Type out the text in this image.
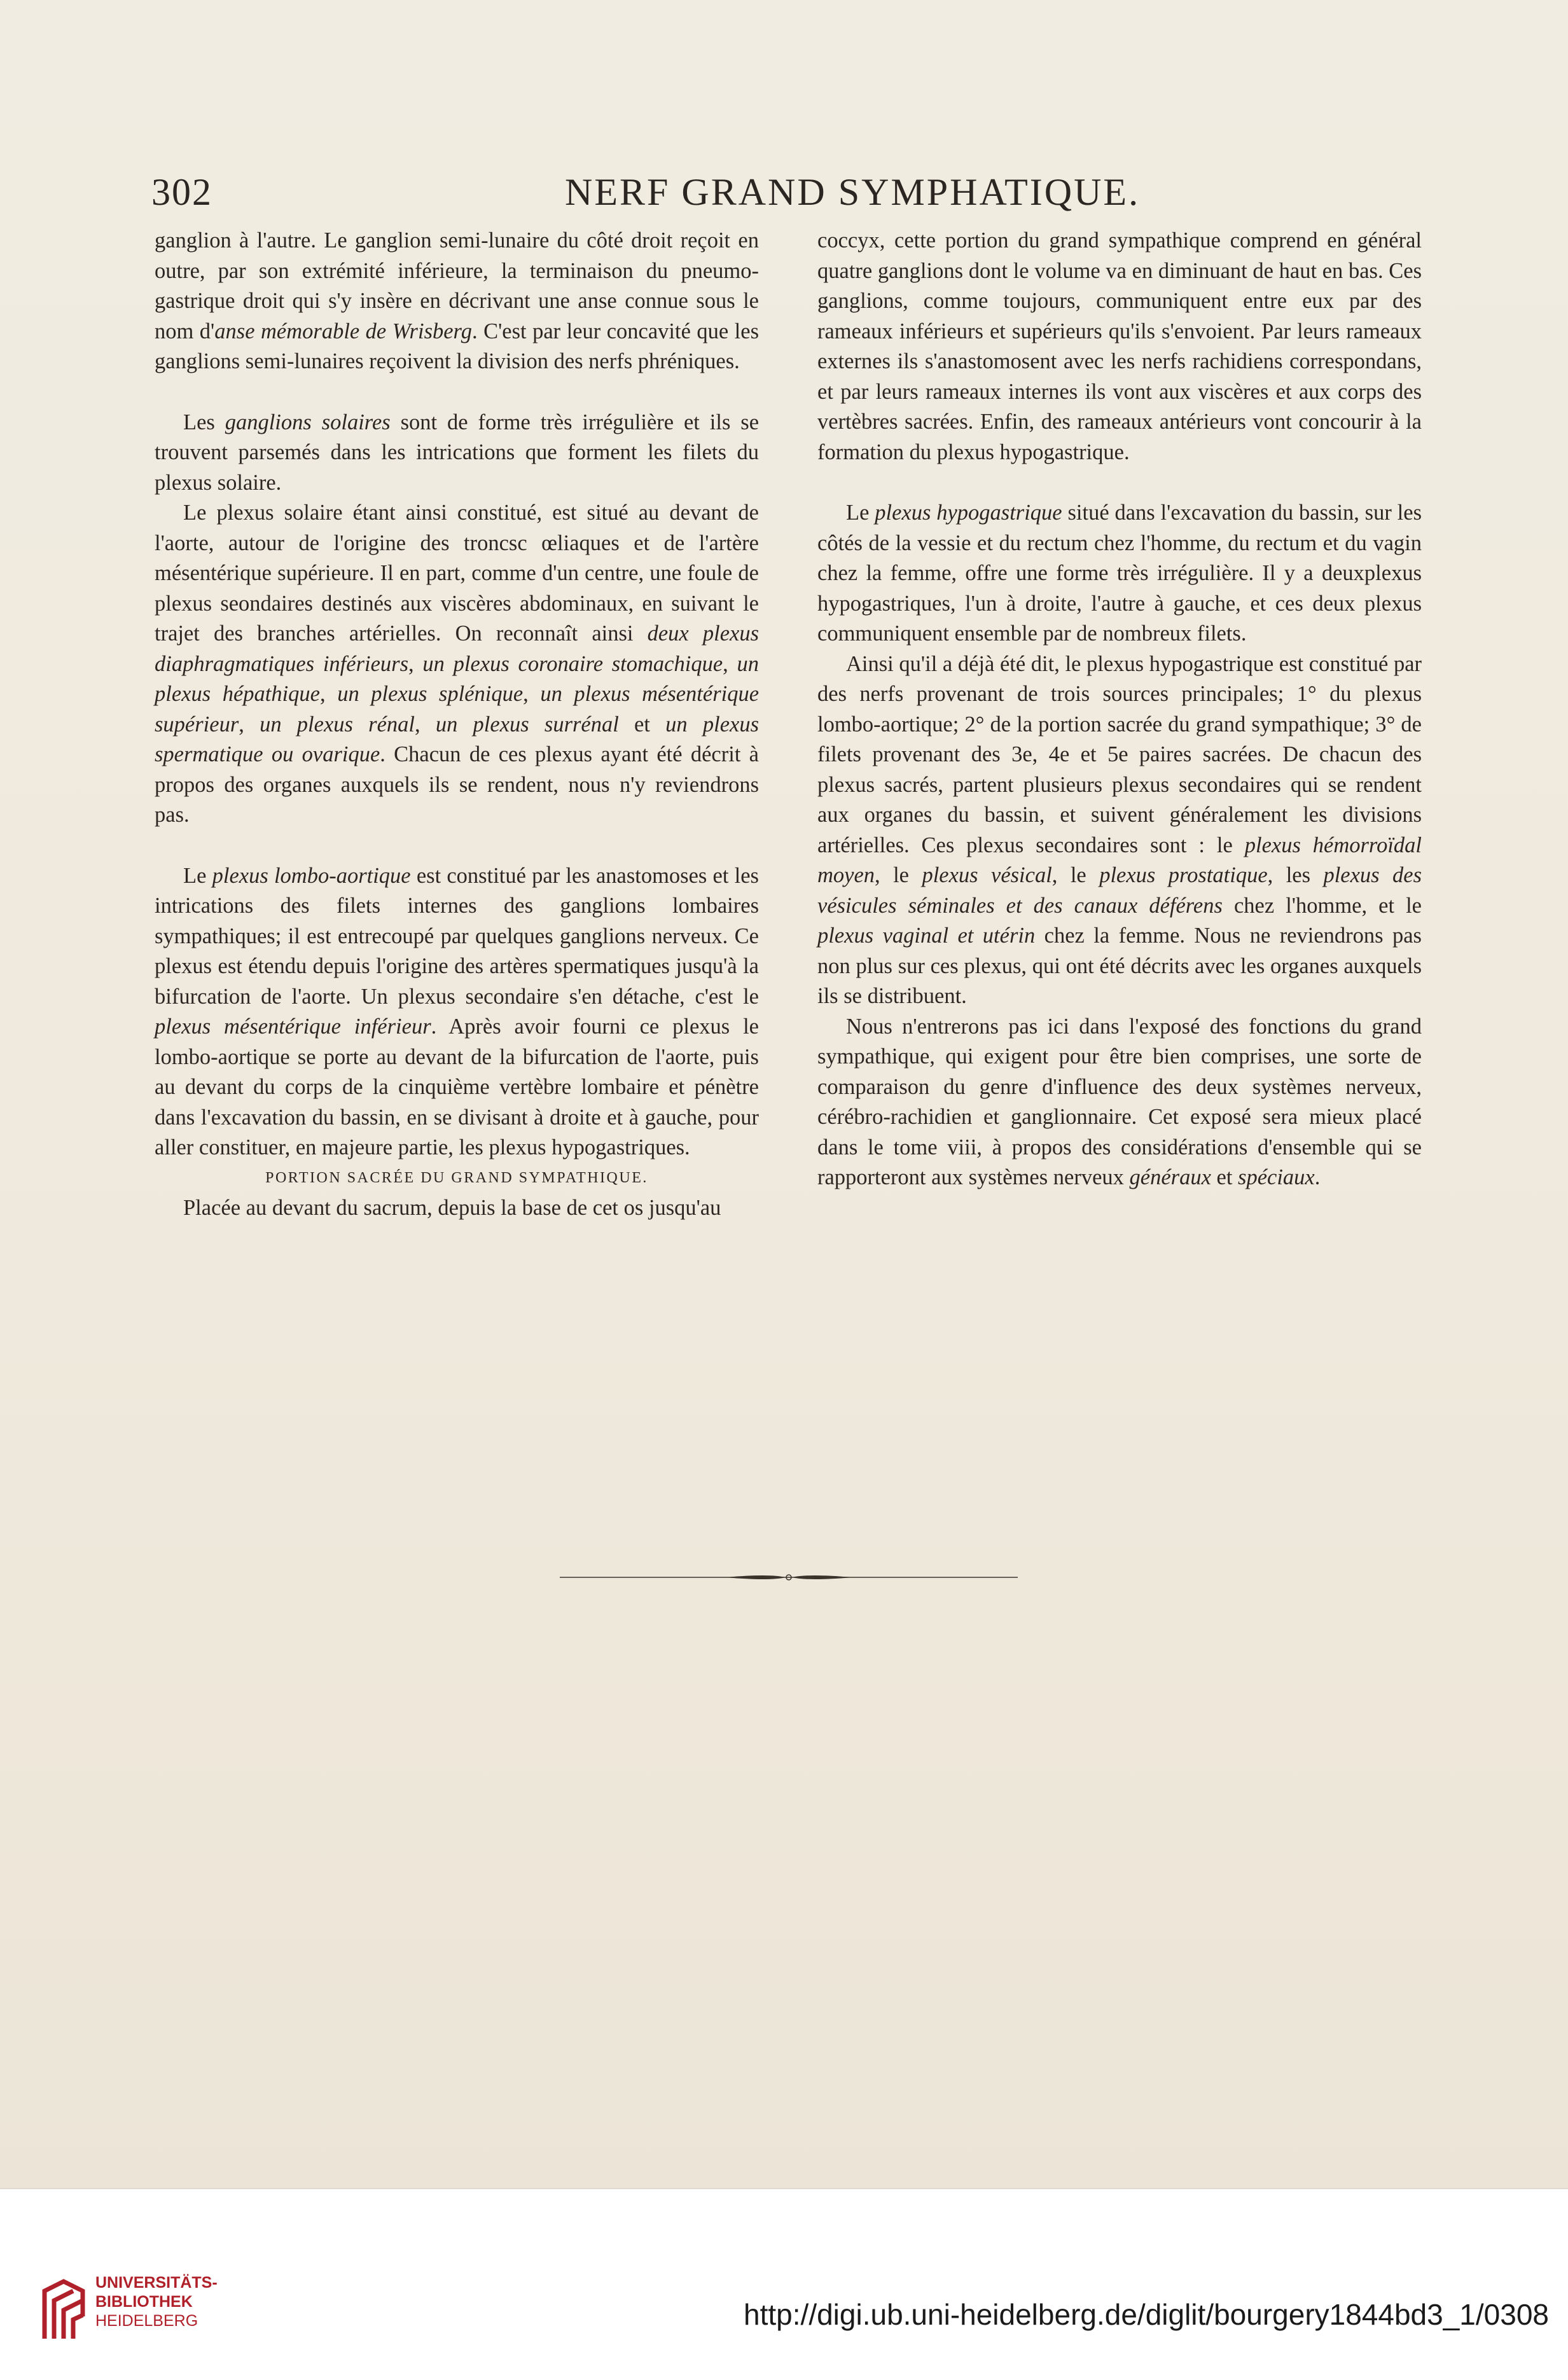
302	NERF GRAND SYMPHATIQUE.

ganglion à l'autre. Le ganglion semi-lunaire du côté droit reçoit en outre, par son extrémité inférieure, la terminaison du pneumo-gastrique droit qui s'y insère en décrivant une anse connue sous le nom d'anse mémorable de Wrisberg. C'est par leur concavité que les ganglions semi-lunaires reçoivent la division des nerfs phréniques.

Les ganglions solaires sont de forme très irrégulière et ils se trouvent parsemés dans les intrications que forment les filets du plexus solaire.

Le plexus solaire étant ainsi constitué, est situé au devant de l'aorte, autour de l'origine des troncsc œliaques et de l'artère mésentérique supérieure. Il en part, comme d'un centre, une foule de plexus seondaires destinés aux viscères abdominaux, en suivant le trajet des branches artérielles. On reconnaît ainsi deux plexus diaphragmatiques inférieurs, un plexus coronaire stomachique, un plexus hépathique, un plexus splénique, un plexus mésentérique supérieur, un plexus rénal, un plexus surrénal et un plexus spermatique ou ovarique. Chacun de ces plexus ayant été décrit à propos des organes auxquels ils se rendent, nous n'y reviendrons pas.

Le plexus lombo-aortique est constitué par les anastomoses et les intrications des filets internes des ganglions lombaires sympathiques; il est entrecoupé par quelques ganglions nerveux. Ce plexus est étendu depuis l'origine des artères spermatiques jusqu'à la bifurcation de l'aorte. Un plexus secondaire s'en détache, c'est le plexus mésentérique inférieur. Après avoir fourni ce plexus le lombo-aortique se porte au devant de la bifurcation de l'aorte, puis au devant du corps de la cinquième vertèbre lombaire et pénètre dans l'excavation du bassin, en se divisant à droite et à gauche, pour aller constituer, en majeure partie, les plexus hypogastriques.

PORTION SACRÉE DU GRAND SYMPATHIQUE.

Placée au devant du sacrum, depuis la base de cet os jusqu'au

coccyx, cette portion du grand sympathique comprend en général quatre ganglions dont le volume va en diminuant de haut en bas. Ces ganglions, comme toujours, communiquent entre eux par des rameaux inférieurs et supérieurs qu'ils s'envoient. Par leurs rameaux externes ils s'anastomosent avec les nerfs rachidiens correspondans, et par leurs rameaux internes ils vont aux viscères et aux corps des vertèbres sacrées. Enfin, des rameaux antérieurs vont concourir à la formation du plexus hypogastrique.

Le plexus hypogastrique situé dans l'excavation du bassin, sur les côtés de la vessie et du rectum chez l'homme, du rectum et du vagin chez la femme, offre une forme très irrégulière. Il y a deuxplexus hypogastriques, l'un à droite, l'autre à gauche, et ces deux plexus communiquent ensemble par de nombreux filets.

Ainsi qu'il a déjà été dit, le plexus hypogastrique est constitué par des nerfs provenant de trois sources principales; 1° du plexus lombo-aortique; 2° de la portion sacrée du grand sympathique; 3° de filets provenant des 3e, 4e et 5e paires sacrées. De chacun des plexus sacrés, partent plusieurs plexus secondaires qui se rendent aux organes du bassin, et suivent généralement les divisions artérielles. Ces plexus secondaires sont : le plexus hémorroïdal moyen, le plexus vésical, le plexus prostatique, les plexus des vésicules séminales et des canaux déférens chez l'homme, et le plexus vaginal et utérin chez la femme. Nous ne reviendrons pas non plus sur ces plexus, qui ont été décrits avec les organes auxquels ils se distribuent.

Nous n'entrerons pas ici dans l'exposé des fonctions du grand sympathique, qui exigent pour être bien comprises, une sorte de comparaison du genre d'influence des deux systèmes nerveux, cérébro-rachidien et ganglionnaire. Cet exposé sera mieux placé dans le tome viii, à propos des considérations d'ensemble qui se rapporteront aux systèmes nerveux généraux et spéciaux.

UNIVERSITÄTS-
BIBLIOTHEK
HEIDELBERG	http://digi.ub.uni-heidelberg.de/diglit/bourgery1844bd3_1/0308
